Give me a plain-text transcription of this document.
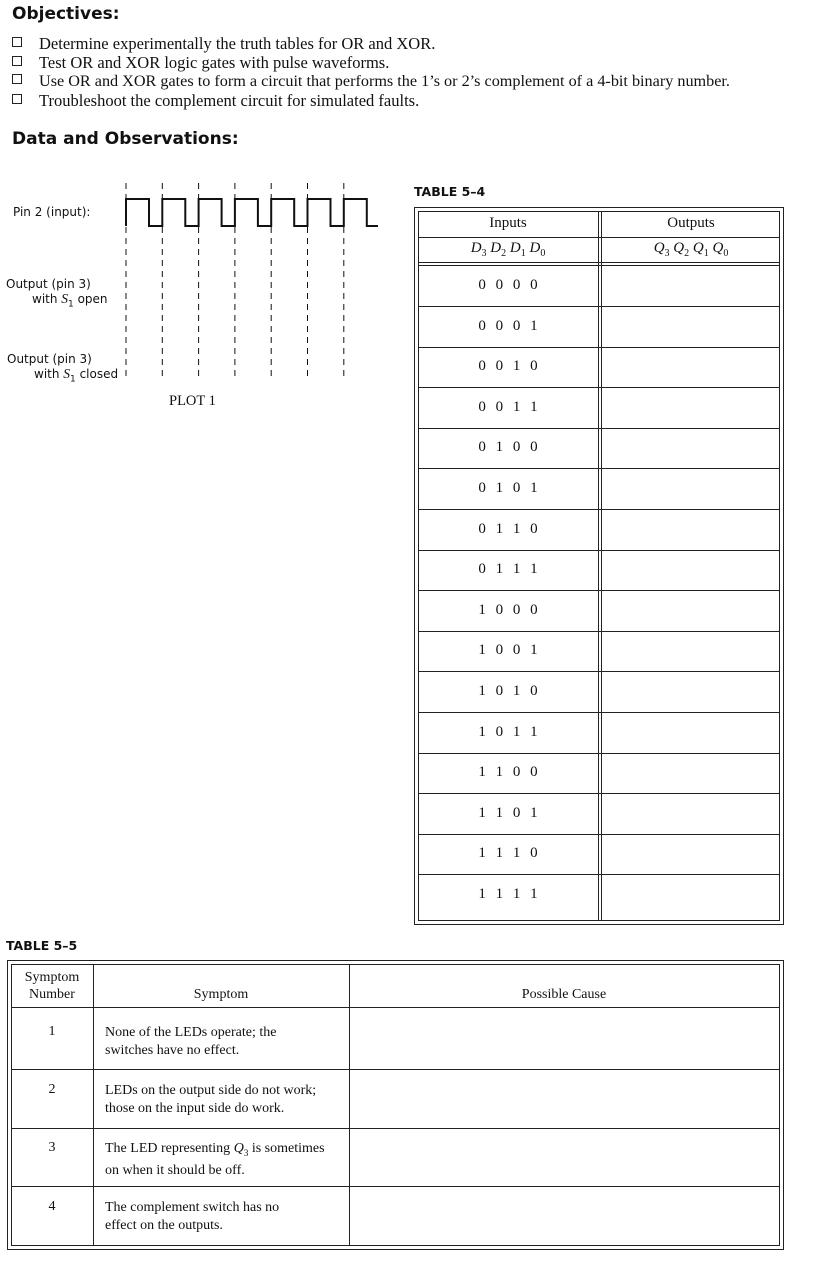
Objectives:
Determine experimentally the truth tables for OR and XOR.
Test OR and XOR logic gates with pulse waveforms.
Use OR and XOR gates to form a circuit that performs the 1’s or 2’s complement of a 4-bit binary number.
Troubleshoot the complement circuit for simulated faults.
Data and Observations:
Pin 2 (input):
Output (pin 3)
with $S_1$ open
Output (pin 3)
with $S_1$ closed
PLOT 1
TABLE 5–4
Inputs	Outputs
$D_3$ $D_2$ $D_1$ $D_0$	$Q_3$ $Q_2$ $Q_1$ $Q_0$
0 0 0 0
0 0 0 1
0 0 1 0
0 0 1 1
0 1 0 0
0 1 0 1
0 1 1 0
0 1 1 1
1 0 0 0
1 0 0 1
1 0 1 0
1 0 1 1
1 1 0 0
1 1 0 1
1 1 1 0
1 1 1 1
TABLE 5–5
Symptom
Number	Symptom	Possible Cause
1	None of the LEDs operate; the
switches have no effect.
2	LEDs on the output side do not work;
those on the input side do work.
3	The LED representing $Q_3$ is sometimes
on when it should be off.
4	The complement switch has no
effect on the outputs.
